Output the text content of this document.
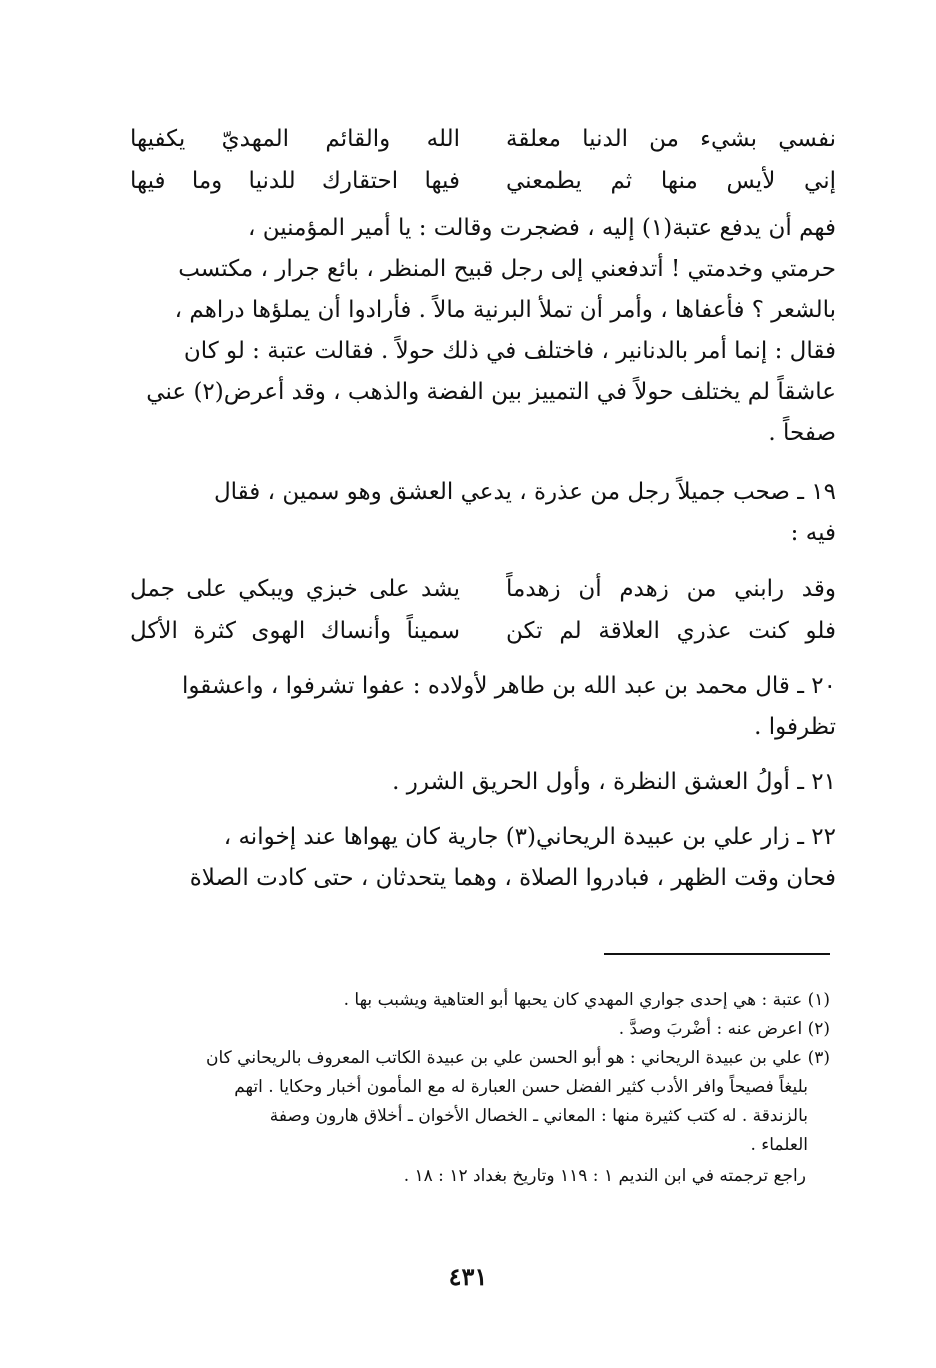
نفسي بشيء من الدنيا معلقة
الله والقائم المهديّ يكفيها
إني لأيس منها ثم يطمعني
فيها احتقارك للدنيا وما فيها

فهم أن يدفع عتبة(١) إليه ، فضجرت وقالت : يا أمير المؤمنين ،

حرمتي وخدمتي ! أتدفعني إلى رجل قبيح المنظر ، بائع جرار ، مكتسب

بالشعر ؟ فأعفاها ، وأمر أن تملأ البرنية مالاً . فأرادوا أن يملؤها دراهم ،

فقال : إنما أمر بالدنانير ، فاختلف في ذلك حولاً . فقالت عتبة : لو كان

عاشقاً لم يختلف حولاً في التمييز بين الفضة والذهب ، وقد أعرض(٢) عني

صفحاً .

١٩ ـ صحب جميلاً رجل من عذرة ، يدعي العشق وهو سمين ، فقال

فيه :

وقد رابني من زهدم أن زهدماً
يشد على خبزي ويبكي على جمل
فلو كنت عذري العلاقة لم تكن
سميناً وأنساك الهوى كثرة الأكل

٢٠ ـ قال محمد بن عبد الله بن طاهر لأولاده : عفوا تشرفوا ، واعشقوا

تظرفوا .

٢١ ـ أولُ العشق النظرة ، وأول الحريق الشرر .

٢٢ ـ زار علي بن عبيدة الريحاني(٣) جارية كان يهواها عند إخوانه ،

فحان وقت الظهر ، فبادروا الصلاة ، وهما يتحدثان ، حتى كادت الصلاة

(١) عتبة : هي إحدى جواري المهدي كان يحبها أبو العتاهية ويشبب بها .

(٢) اعرض عنه : أضْربَ وصدَّ .

(٣) علي بن عبيدة الريحاني : هو أبو الحسن علي بن عبيدة الكاتب المعروف بالريحاني كان

بليغاً فصيحاً وافر الأدب كثير الفضل حسن العبارة له مع المأمون أخبار وحكايا . اتهم

بالزندقة . له كتب كثيرة منها : المعاني ـ الخصال الأخوان ـ أخلاق هارون وصفة

العلماء .

راجع ترجمته في ابن النديم ١ : ١١٩ وتاريخ بغداد ١٢ : ١٨ .

٤٣١
